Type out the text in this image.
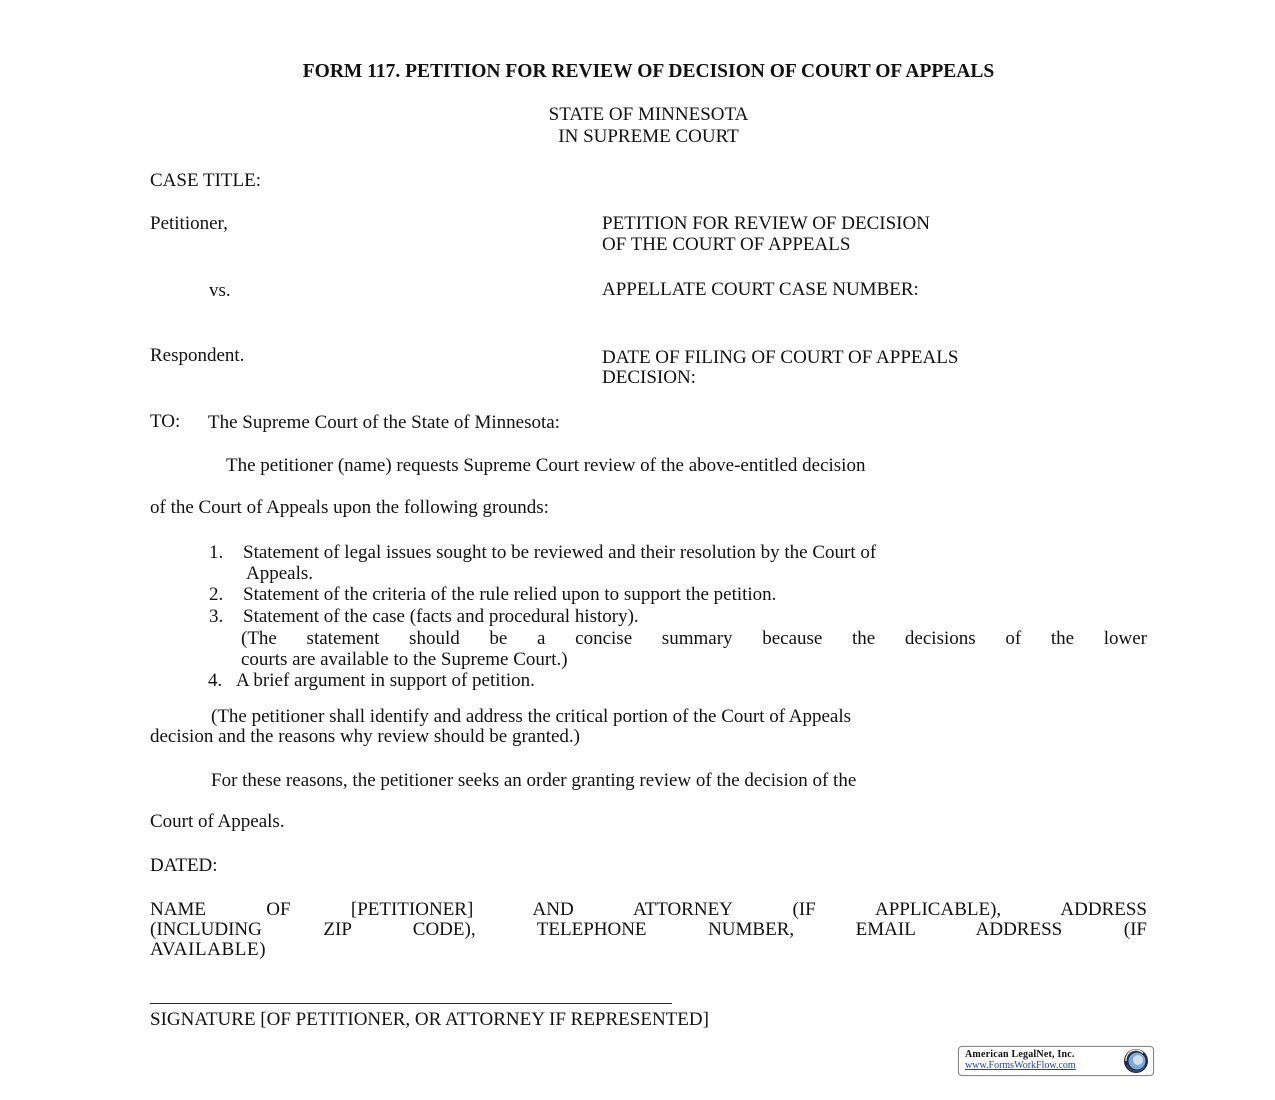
FORM 117. PETITION FOR REVIEW OF DECISION OF COURT OF APPEALS
STATE OF MINNESOTA
IN SUPREME COURT
CASE TITLE:
Petitioner,	PETITION FOR REVIEW OF DECISION
OF THE COURT OF APPEALS
vs.	APPELLATE COURT CASE NUMBER:
Respondent.	DATE OF FILING OF COURT OF APPEALS
DECISION:
TO: The Supreme Court of the State of Minnesota:
The petitioner (name) requests Supreme Court review of the above-entitled decision
of the Court of Appeals upon the following grounds:
1. Statement of legal issues sought to be reviewed and their resolution by the Court of
Appeals.
2. Statement of the criteria of the rule relied upon to support the petition.
3. Statement of the case (facts and procedural history).
(The statement should be a concise summary because the decisions of the lower
courts are available to the Supreme Court.)
4. A brief argument in support of petition.
(The petitioner shall identify and address the critical portion of the Court of Appeals
decision and the reasons why review should be granted.)
For these reasons, the petitioner seeks an order granting review of the decision of the
Court of Appeals.
DATED:
NAME OF [PETITIONER] AND ATTORNEY (IF APPLICABLE), ADDRESS
(INCLUDING ZIP CODE), TELEPHONE NUMBER, EMAIL ADDRESS (IF
AVAILABLE)
SIGNATURE [OF PETITIONER, OR ATTORNEY IF REPRESENTED]
American LegalNet, Inc.
www.FormsWorkFlow.com
